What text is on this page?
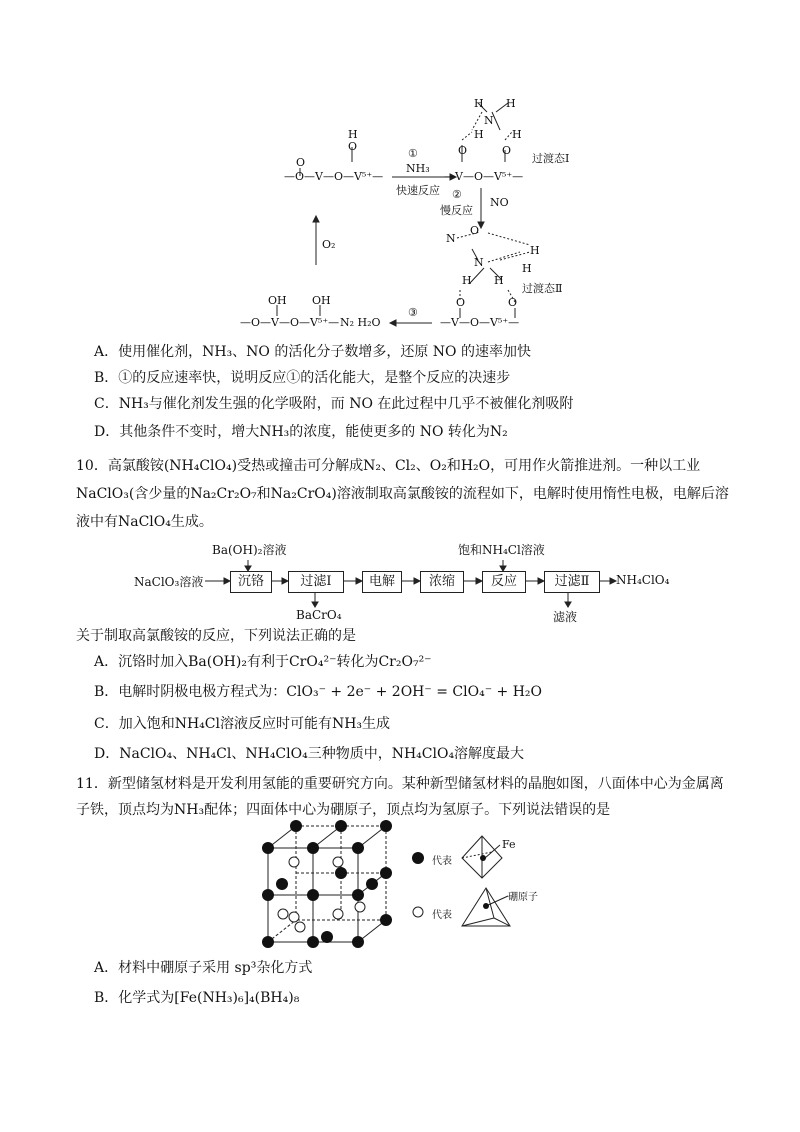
H
O
O
—O—V—O—V⁵⁺—
①
NH₃
快速反应
H H
N
H	H
O	O
过渡态Ⅰ
—V—O—V⁵⁺—
②
慢反应
NO
O₂	N
O
H
N	H
H H
O	O
过渡态Ⅱ
—V—O—V⁵⁺—
③
OH OH
—O—V—O—V⁵⁺— N₂ H₂O
A．使用催化剂，NH₃、NO 的活化分子数增多，还原 NO 的速率加快
B．①的反应速率快，说明反应①的活化能大，是整个反应的决速步
C．NH₃与催化剂发生强的化学吸附，而 NO 在此过程中几乎不被催化剂吸附
D．其他条件不变时，增大NH₃的浓度，能使更多的 NO 转化为N₂
10．高氯酸铵(NH₄ClO₄)受热或撞击可分解成N₂、Cl₂、O₂和H₂O，可用作火箭推进剂。一种以工业
NaClO₃(含少量的Na₂Cr₂O₇和Na₂CrO₄)溶液制取高氯酸铵的流程如下，电解时使用惰性电极，电解后溶
液中有NaClO₄生成。
Ba(OH)₂溶液	饱和NH₄Cl溶液
NaClO₃溶液	沉铬	过滤Ⅰ	电解	浓缩	反应	过滤Ⅱ	NH₄ClO₄
BaCrO₄	滤液
关于制取高氯酸铵的反应，下列说法正确的是
A．沉铬时加入Ba(OH)₂有利于CrO₄²⁻转化为Cr₂O₇²⁻
B．电解时阴极电极方程式为：ClO₃⁻ + 2e⁻ + 2OH⁻ = ClO₄⁻ + H₂O
C．加入饱和NH₄Cl溶液反应时可能有NH₃生成
D．NaClO₄、NH₄Cl、NH₄ClO₄三种物质中，NH₄ClO₄溶解度最大
11．新型储氢材料是开发利用氢能的重要研究方向。某种新型储氢材料的晶胞如图，八面体中心为金属离
子铁，顶点均为NH₃配体；四面体中心为硼原子，顶点均为氢原子。下列说法错误的是
代表
代表
Fe
硼原子
A．材料中硼原子采用 sp³杂化方式
B．化学式为[Fe(NH₃)₆]₄(BH₄)₈
